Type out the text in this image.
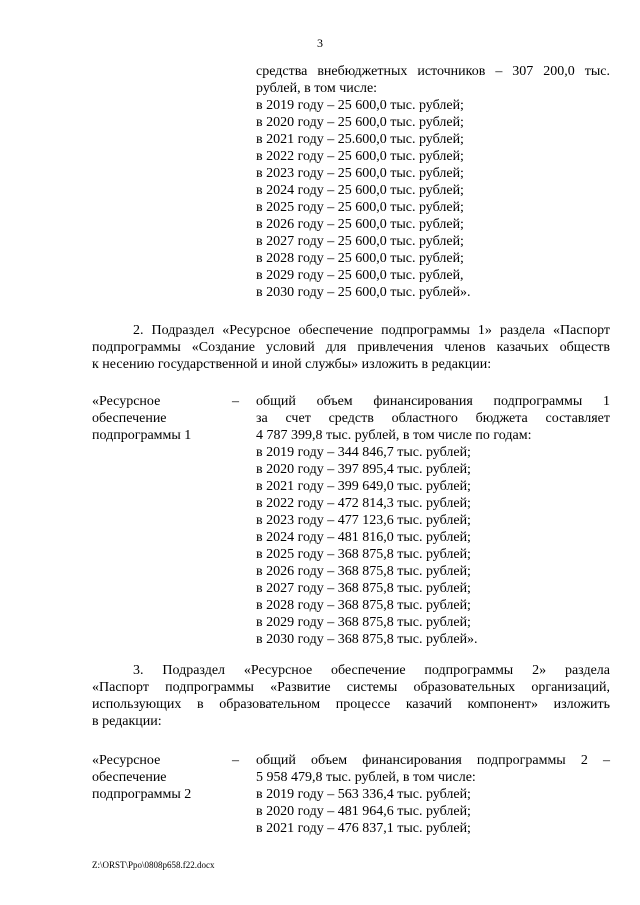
3
средства внебюджетных источников – 307 200,0 тыс.
рублей, в том числе:
в 2019 году – 25 600,0 тыс. рублей;
в 2020 году – 25 600,0 тыс. рублей;
в 2021 году – 25.600,0 тыс. рублей;
в 2022 году – 25 600,0 тыс. рублей;
в 2023 году – 25 600,0 тыс. рублей;
в 2024 году – 25 600,0 тыс. рублей;
в 2025 году – 25 600,0 тыс. рублей;
в 2026 году – 25 600,0 тыс. рублей;
в 2027 году – 25 600,0 тыс. рублей;
в 2028 году – 25 600,0 тыс. рублей;
в 2029 году – 25 600,0 тыс. рублей,
в 2030 году – 25 600,0 тыс. рублей».
2. Подраздел «Ресурсное обеспечение подпрограммы 1» раздела «Паспорт
подпрограммы «Создание условий для привлечения членов казачьих обществ
к несению государственной и иной службы» изложить в редакции:
«Ресурсное
обеспечение
подпрограммы 1
– общий объем финансирования подпрограммы 1
за счет средств областного бюджета составляет
4 787 399,8 тыс. рублей, в том числе по годам:
в 2019 году – 344 846,7 тыс. рублей;
в 2020 году – 397 895,4 тыс. рублей;
в 2021 году – 399 649,0 тыс. рублей;
в 2022 году – 472 814,3 тыс. рублей;
в 2023 году – 477 123,6 тыс. рублей;
в 2024 году – 481 816,0 тыс. рублей;
в 2025 году – 368 875,8 тыс. рублей;
в 2026 году – 368 875,8 тыс. рублей;
в 2027 году – 368 875,8 тыс. рублей;
в 2028 году – 368 875,8 тыс. рублей;
в 2029 году – 368 875,8 тыс. рублей;
в 2030 году – 368 875,8 тыс. рублей».
3. Подраздел «Ресурсное обеспечение подпрограммы 2» раздела
«Паспорт подпрограммы «Развитие системы образовательных организаций,
использующих в образовательном процессе казачий компонент» изложить
в редакции:
«Ресурсное
обеспечение
подпрограммы 2
– общий объем финансирования подпрограммы 2 –
5 958 479,8 тыс. рублей, в том числе:
в 2019 году – 563 336,4 тыс. рублей;
в 2020 году – 481 964,6 тыс. рублей;
в 2021 году – 476 837,1 тыс. рублей;
Z:\ORST\Ppo\0808p658.f22.docx
